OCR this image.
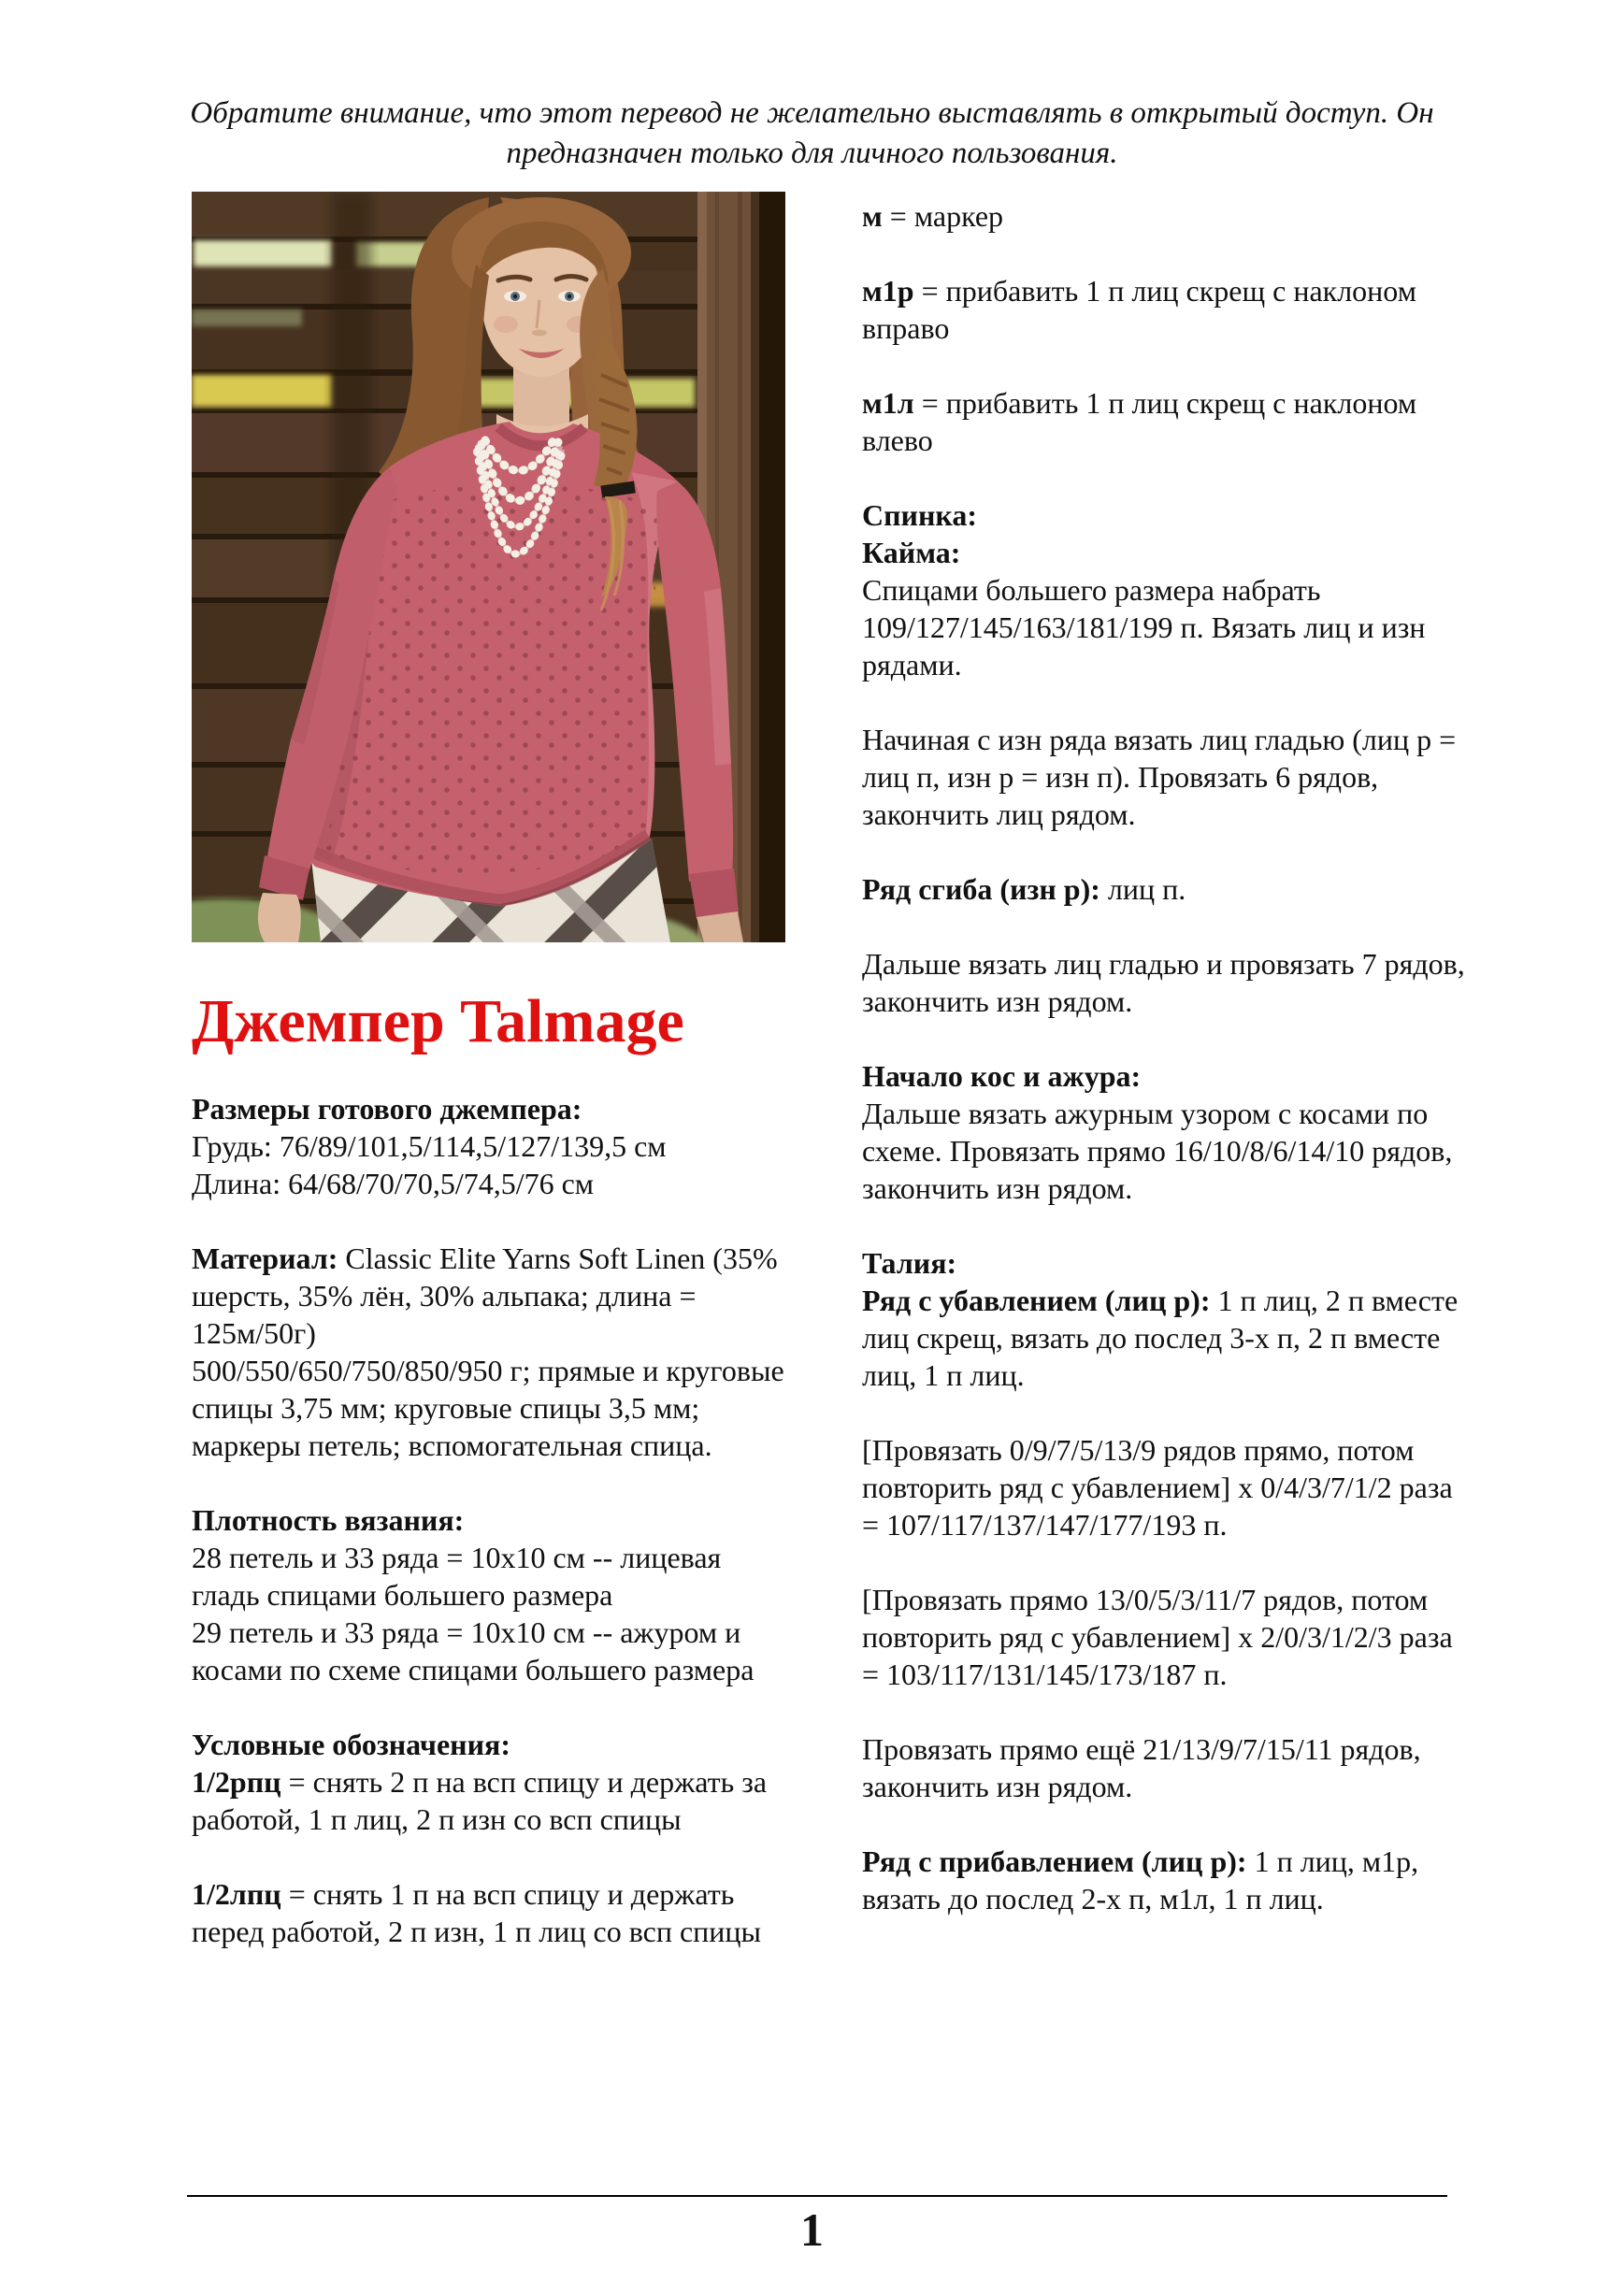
Обратите внимание, что этот перевод не желательно выставлять в открытый доступ. Он
предназначен только для личного пользования.
Джемпер Talmage
Размеры готового джемпера:
Грудь: 76/89/101,5/114,5/127/139,5 см
Длина: 64/68/70/70,5/74,5/76 см
Материал: Classic Elite Yarns Soft Linen (35% шерсть, 35% лён, 30% альпака; длина = 125м/50г)
500/550/650/750/850/950 г; прямые и круговые спицы 3,75 мм; круговые спицы 3,5 мм; маркеры петель; вспомогательная спица.
Плотность вязания:
28 петель и 33 ряда = 10х10 см -- лицевая гладь спицами большего размера
29 петель и 33 ряда = 10х10 см -- ажуром и косами по схеме спицами большего размера
Условные обозначения:
1/2рпц = снять 2 п на всп спицу и держать за работой, 1 п лиц, 2 п изн со всп спицы
1/2лпц = снять 1 п на всп спицу и держать перед работой, 2 п изн, 1 п лиц со всп спицы
м = маркер
м1р = прибавить 1 п лиц скрещ с наклоном вправо
м1л = прибавить 1 п лиц скрещ с наклоном влево
Спинка:
Кайма:
Спицами большего размера набрать 109/127/145/163/181/199 п. Вязать лиц и изн рядами.
Начиная с изн ряда вязать лиц гладью (лиц р = лиц п, изн р = изн п). Провязать 6 рядов, закончить лиц рядом.
Ряд сгиба (изн р): лиц п.
Дальше вязать лиц гладью и провязать 7 рядов, закончить изн рядом.
Начало кос и ажура:
Дальше вязать ажурным узором с косами по схеме. Провязать прямо 16/10/8/6/14/10 рядов, закончить изн рядом.
Талия:
Ряд с убавлением (лиц р): 1 п лиц, 2 п вместе лиц скрещ, вязать до послед 3-х п, 2 п вместе лиц, 1 п лиц.
[Провязать 0/9/7/5/13/9 рядов прямо, потом повторить ряд с убавлением] х 0/4/3/7/1/2 раза = 107/117/137/147/177/193 п.
[Провязать прямо 13/0/5/3/11/7 рядов, потом повторить ряд с убавлением] х 2/0/3/1/2/3 раза = 103/117/131/145/173/187 п.
Провязать прямо ещё 21/13/9/7/15/11 рядов, закончить изн рядом.
Ряд с прибавлением (лиц р): 1 п лиц, м1р, вязать до послед 2-х п, м1л, 1 п лиц.
1
